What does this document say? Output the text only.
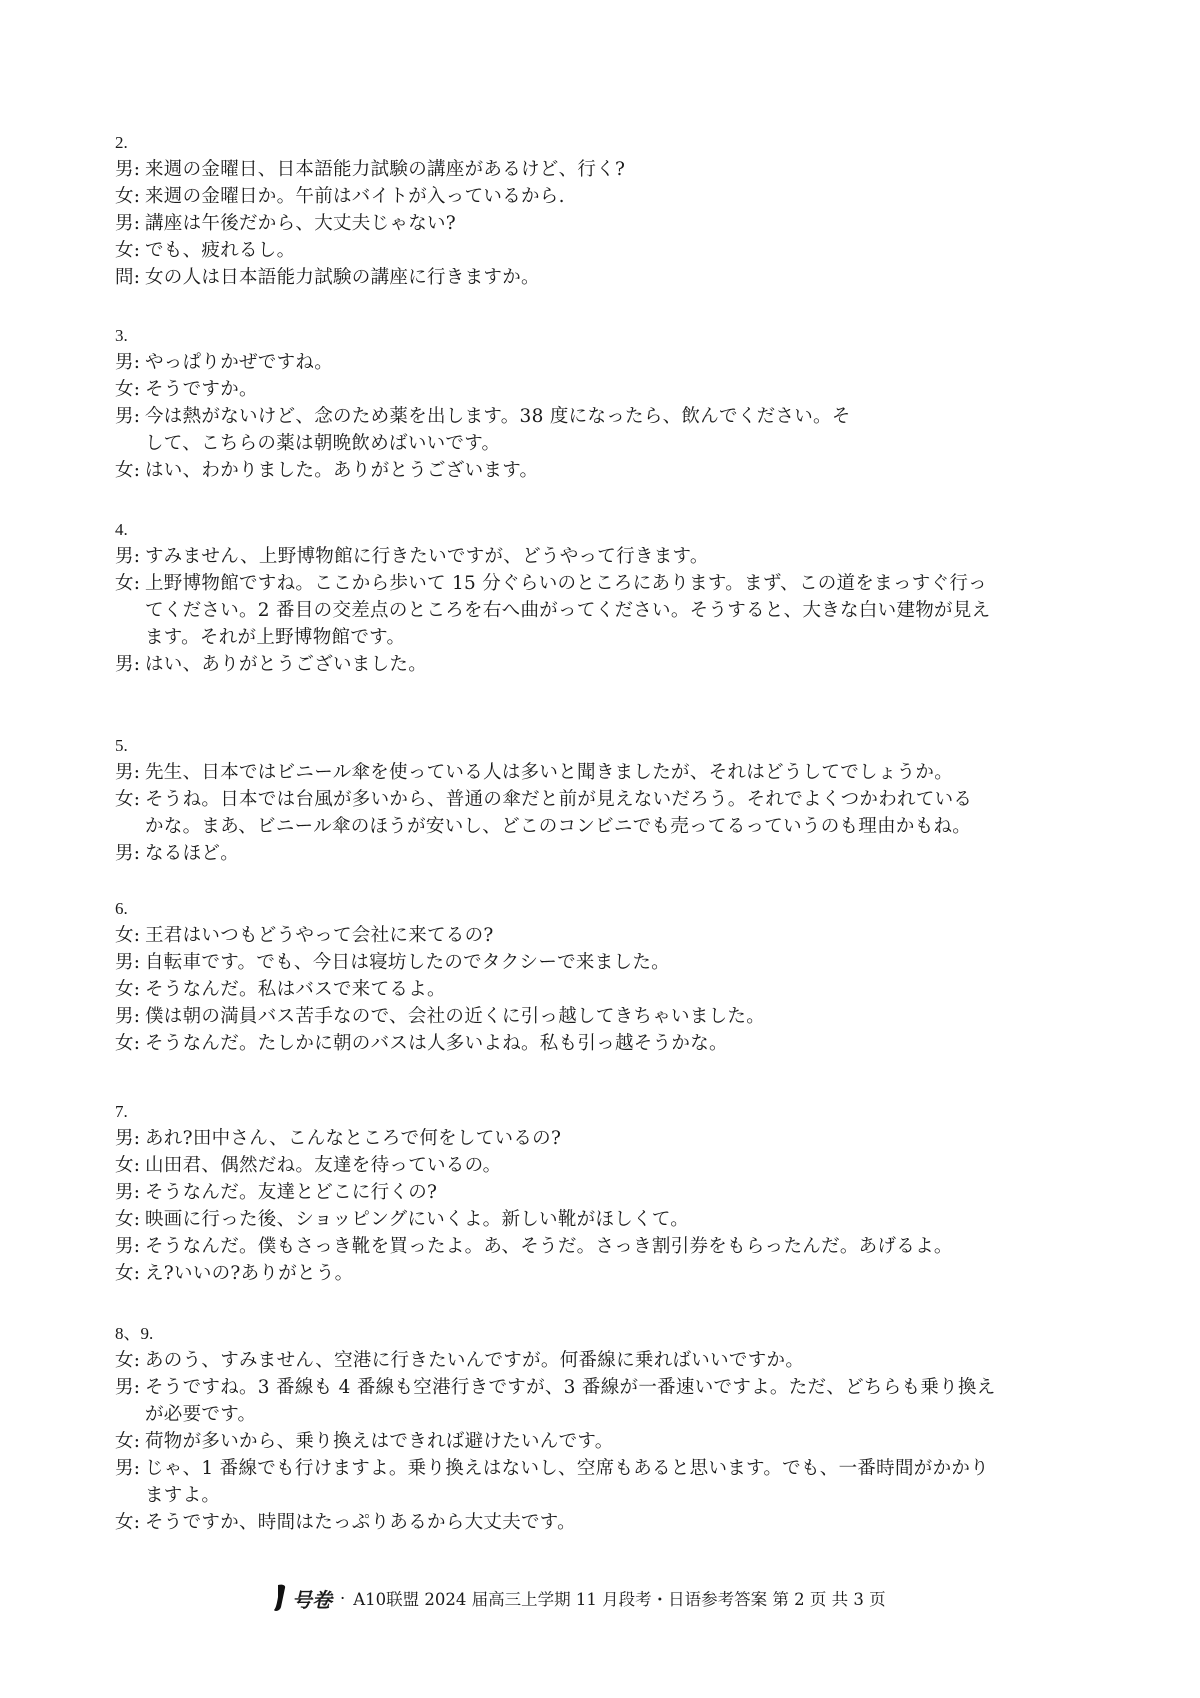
2.
男: 来週の金曜日、日本語能力試験の講座があるけど、行く?
女: 来週の金曜日か。午前はバイトが入っているから.
男: 講座は午後だから、大丈夫じゃない?
女: でも、疲れるし。
問: 女の人は日本語能力試験の講座に行きますか。
3.
男: やっぱりかぜですね。
女: そうですか。
男: 今は熱がないけど、念のため薬を出します。38 度になったら、飲んでください。そ
して、こちらの薬は朝晩飲めばいいです。
女: はい、わかりました。ありがとうございます。
4.
男: すみません、上野博物館に行きたいですが、どうやって行きます。
女: 上野博物館ですね。ここから歩いて 15 分ぐらいのところにあります。まず、この道をまっすぐ行っ
てください。2 番目の交差点のところを右へ曲がってください。そうすると、大きな白い建物が見え
ます。それが上野博物館です。
男: はい、ありがとうございました。
5.
男: 先生、日本ではビニール傘を使っている人は多いと聞きましたが、それはどうしてでしょうか。
女: そうね。日本では台風が多いから、普通の傘だと前が見えないだろう。それでよくつかわれている
かな。まあ、ビニール傘のほうが安いし、どこのコンビニでも売ってるっていうのも理由かもね。
男: なるほど。
6.
女: 王君はいつもどうやって会社に来てるの?
男: 自転車です。でも、今日は寝坊したのでタクシーで来ました。
女: そうなんだ。私はバスで来てるよ。
男: 僕は朝の満員バス苦手なので、会社の近くに引っ越してきちゃいました。
女: そうなんだ。たしかに朝のバスは人多いよね。私も引っ越そうかな。
7.
男: あれ?田中さん、こんなところで何をしているの?
女: 山田君、偶然だね。友達を待っているの。
男: そうなんだ。友達とどこに行くの?
女: 映画に行った後、ショッピングにいくよ。新しい靴がほしくて。
男: そうなんだ。僕もさっき靴を買ったよ。あ、そうだ。さっき割引券をもらったんだ。あげるよ。
女: え?いいの?ありがとう。
8、9.
女: あのう、すみません、空港に行きたいんですが。何番線に乗ればいいですか。
男: そうですね。3 番線も 4 番線も空港行きですが、3 番線が一番速いですよ。ただ、どちらも乗り換え
が必要です。
女: 荷物が多いから、乗り換えはできれば避けたいんです。
男: じゃ、1 番線でも行けますよ。乗り換えはないし、空席もあると思います。でも、一番時間がかかり
ますよ。
女: そうですか、時間はたっぷりあるから大丈夫です。
号卷 · A10联盟 2024 届高三上学期 11 月段考・日语参考答案 第 2 页 共 3 页
